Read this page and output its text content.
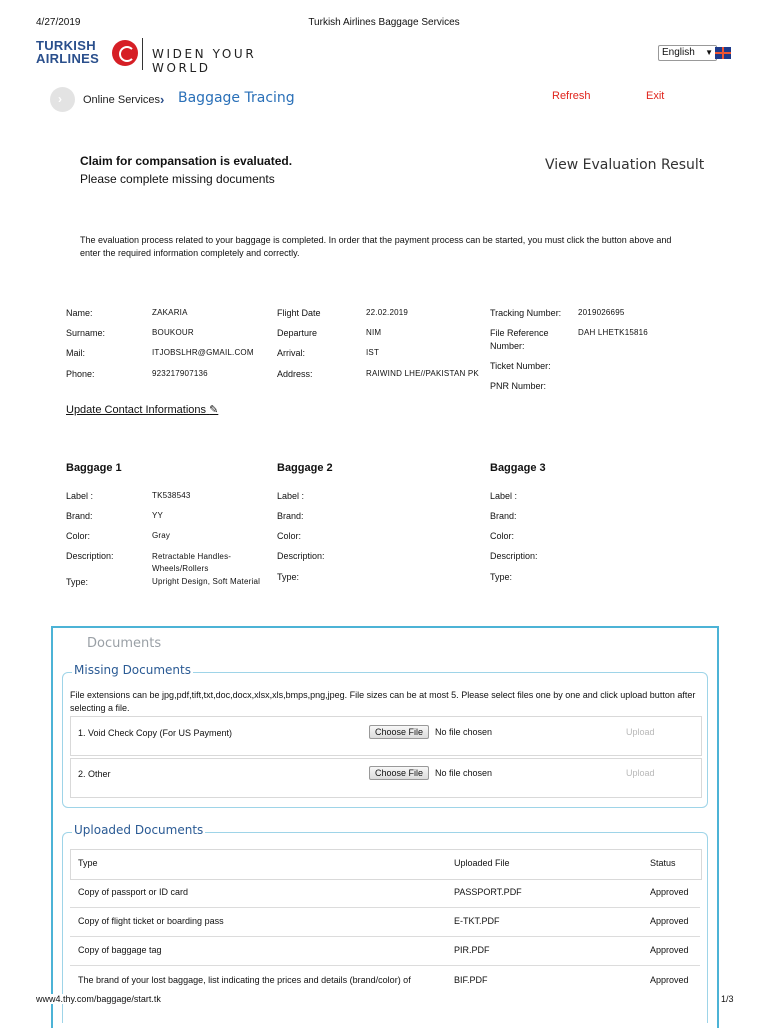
4/27/2019	Turkish Airlines Baggage Services
TURKISH
AIRLINES	WIDEN YOUR WORLD
English ▼
› Online Services › Baggage Tracing	Refresh	Exit
Claim for compansation is evaluated.
Please complete missing documents
View Evaluation Result
The evaluation process related to your baggage is completed. In order that the payment process can be started, you must click the button above and enter the required information completely and correctly.
Name:	ZAKARIA
Surname:	BOUKOUR
Mail:	ITJOBSLHR@GMAIL.COM
Phone:	923217907136
Flight Date	22.02.2019
Departure	NIM
Arrival:	IST
Address:	RAIWIND LHE//PAKISTAN PK
Tracking Number: 2019026695
File Reference
Number:
DAH LHETK15816
Ticket Number:
PNR Number:
Update Contact Informations ✎
Baggage 1
Label :	TK538543
Brand:	YY
Color:	Gray
Description:	Retractable Handles-
Wheels/Rollers
Type:	Upright Design, Soft Material
Baggage 2
Label :
Brand:
Color:
Description:
Type:
Baggage 3
Label :
Brand:
Color:
Description:
Type:
Documents
Missing Documents
File extensions can be jpg,pdf,tift,txt,doc,docx,xlsx,xls,bmps,png,jpeg. File sizes can be at most 5. Please select files one by one and click upload button after selecting a file.
1. Void Check Copy (For US Payment)	Choose File	No file chosen	Upload
2. Other	Choose File	No file chosen	Upload
Uploaded Documents
Type	Uploaded File	Status
Copy of passport or ID card	PASSPORT.PDF	Approved
Copy of flight ticket or boarding pass	E-TKT.PDF	Approved
Copy of baggage tag	PIR.PDF	Approved
The brand of your lost baggage, list indicating the prices and details (brand/color) of	BIF.PDF	Approved
www4.thy.com/baggage/start.tk	1/3
